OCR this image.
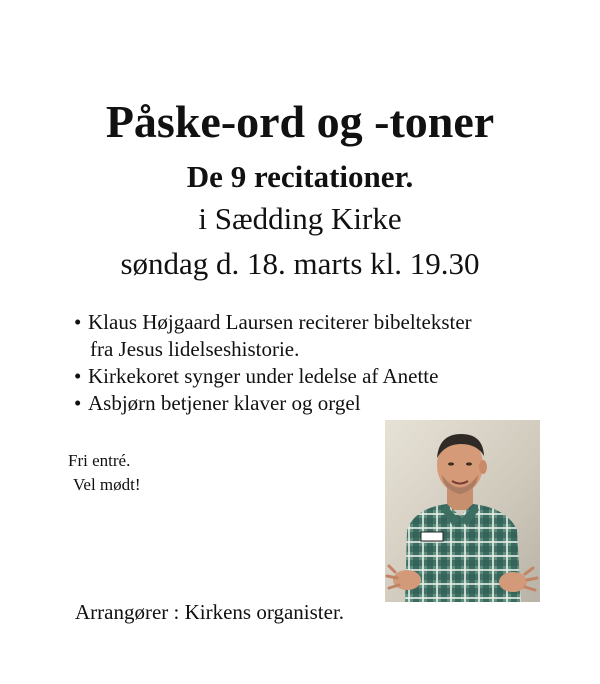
Påske-ord og -toner
De 9 recitationer.
i Sædding Kirke
søndag d. 18. marts kl. 19.30
• Klaus Højgaard Laursen reciterer bibeltekster
fra Jesus lidelseshistorie.
• Kirkekoret synger under ledelse af Anette
• Asbjørn betjener klaver og orgel
Fri entré.
Vel mødt!
Arrangører : Kirkens organister.
